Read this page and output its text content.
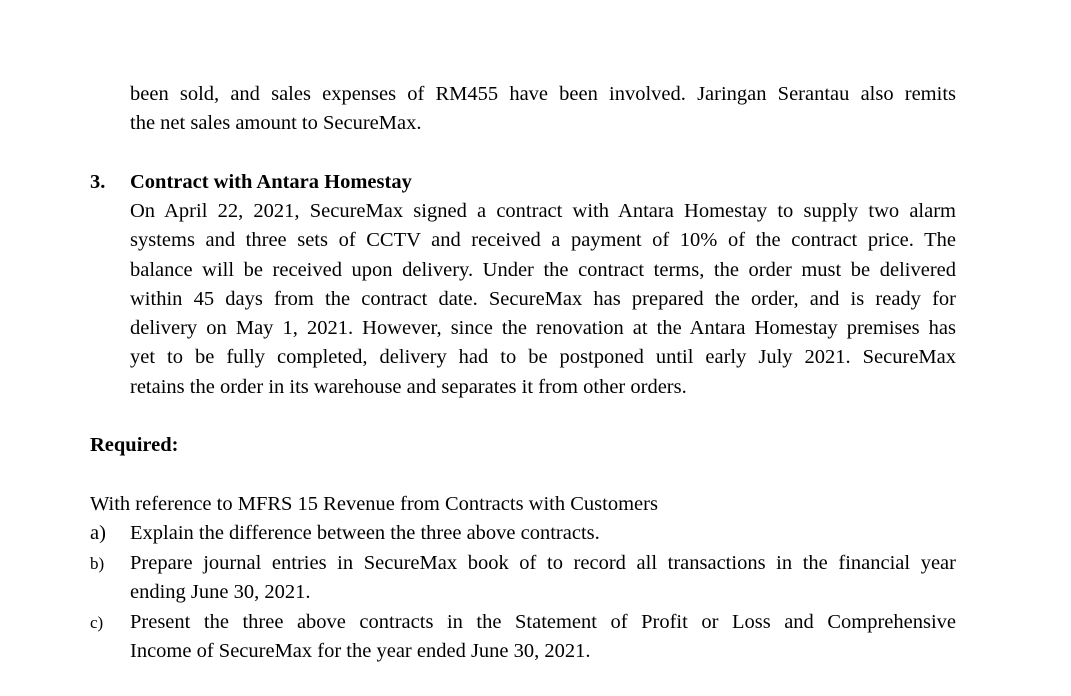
been sold, and sales expenses of RM455 have been involved. Jaringan Serantau also remits
the net sales amount to SecureMax.
3. Contract with Antara Homestay
On April 22, 2021, SecureMax signed a contract with Antara Homestay to supply two alarm
systems and three sets of CCTV and received a payment of 10% of the contract price. The
balance will be received upon delivery. Under the contract terms, the order must be delivered
within 45 days from the contract date. SecureMax has prepared the order, and is ready for
delivery on May 1, 2021. However, since the renovation at the Antara Homestay premises has
yet to be fully completed, delivery had to be postponed until early July 2021. SecureMax
retains the order in its warehouse and separates it from other orders.
Required:
With reference to MFRS 15 Revenue from Contracts with Customers
a) Explain the difference between the three above contracts.
b) Prepare journal entries in SecureMax book of to record all transactions in the financial year
ending June 30, 2021.
c) Present the three above contracts in the Statement of Profit or Loss and Comprehensive
Income of SecureMax for the year ended June 30, 2021.
